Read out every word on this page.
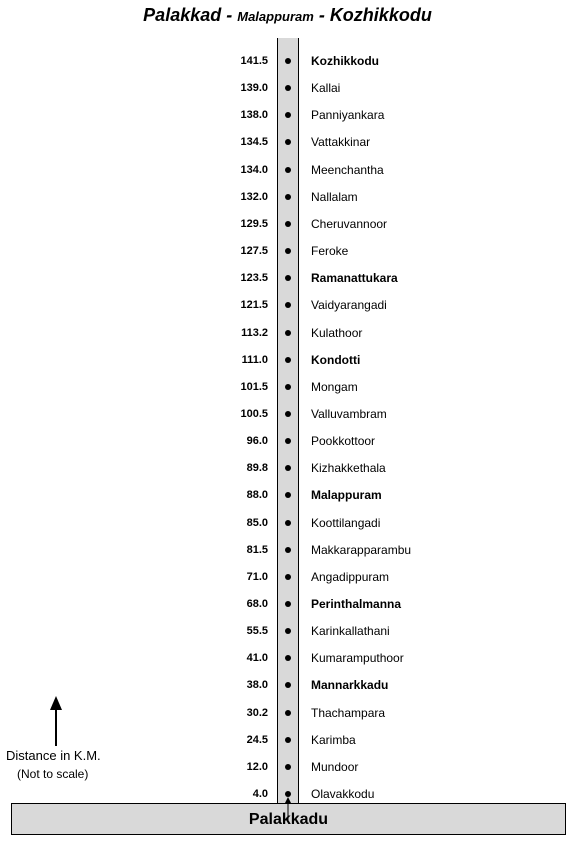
Palakkad - Malappuram - Kozhikkodu
141.5	Kozhikkodu
139.0	Kallai
138.0	Panniyankara
134.5	Vattakkinar
134.0	Meenchantha
132.0	Nallalam
129.5	Cheruvannoor
127.5	Feroke
123.5	Ramanattukara
121.5	Vaidyarangadi
113.2	Kulathoor
111.0	Kondotti
101.5	Mongam
100.5	Valluvambram
96.0	Pookkottoor
89.8	Kizhakkethala
88.0	Malappuram
85.0	Koottilangadi
81.5	Makkarapparambu
71.0	Angadippuram
68.0	Perinthalmanna
55.5	Karinkallathani
41.0	Kumaramputhoor
38.0	Mannarkkadu
30.2	Thachampara
24.5	Karimba
12.0	Mundoor
4.0	Olavakkodu
Palakkadu
Distance in K.M.
(Not to scale)
